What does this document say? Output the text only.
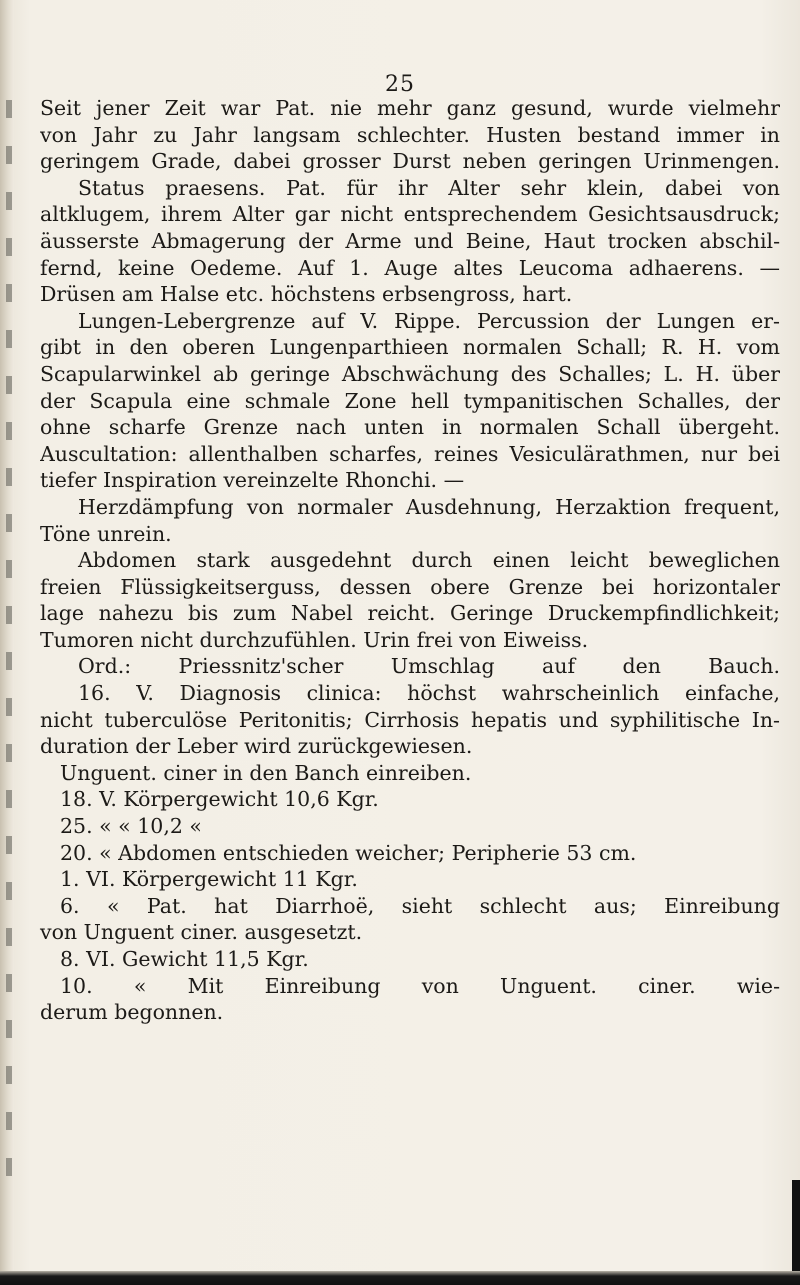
25
Seit jener Zeit war Pat. nie mehr ganz gesund, wurde vielmehr
von Jahr zu Jahr langsam schlechter. Husten bestand immer in
geringem Grade, dabei grosser Durst neben geringen Urinmengen.
Status praesens. Pat. für ihr Alter sehr klein, dabei von
altklugem, ihrem Alter gar nicht entsprechendem Gesichtsausdruck;
äusserste Abmagerung der Arme und Beine, Haut trocken abschil-
fernd, keine Oedeme. Auf 1. Auge altes Leucoma adhaerens. —
Drüsen am Halse etc. höchstens erbsengross, hart.
Lungen-Lebergrenze auf V. Rippe. Percussion der Lungen er-
gibt in den oberen Lungenparthieen normalen Schall; R. H. vom
Scapularwinkel ab geringe Abschwächung des Schalles; L. H. über
der Scapula eine schmale Zone hell tympanitischen Schalles, der
ohne scharfe Grenze nach unten in normalen Schall übergeht.
Auscultation: allenthalben scharfes, reines Vesiculärathmen, nur bei
tiefer Inspiration vereinzelte Rhonchi. —
Herzdämpfung von normaler Ausdehnung, Herzaktion frequent,
Töne unrein.
Abdomen stark ausgedehnt durch einen leicht beweglichen
freien Flüssigkeitserguss, dessen obere Grenze bei horizontaler
lage nahezu bis zum Nabel reicht. Geringe Druckempfindlichkeit;
Tumoren nicht durchzufühlen. Urin frei von Eiweiss.
Ord.: Priessnitz'scher Umschlag auf den Bauch.
16. V. Diagnosis clinica: höchst wahrscheinlich einfache,
nicht tuberculöse Peritonitis; Cirrhosis hepatis und syphilitische In-
duration der Leber wird zurückgewiesen.
Unguent. ciner in den Banch einreiben.
18. V. Körpergewicht 10,6 Kgr.
25. « « 10,2 «
20. « Abdomen entschieden weicher; Peripherie 53 cm.
1. VI. Körpergewicht 11 Kgr.
6. « Pat. hat Diarrhoë, sieht schlecht aus; Einreibung
von Unguent ciner. ausgesetzt.
8. VI. Gewicht 11,5 Kgr.
10. « Mit Einreibung von Unguent. ciner. wie-
derum begonnen.
